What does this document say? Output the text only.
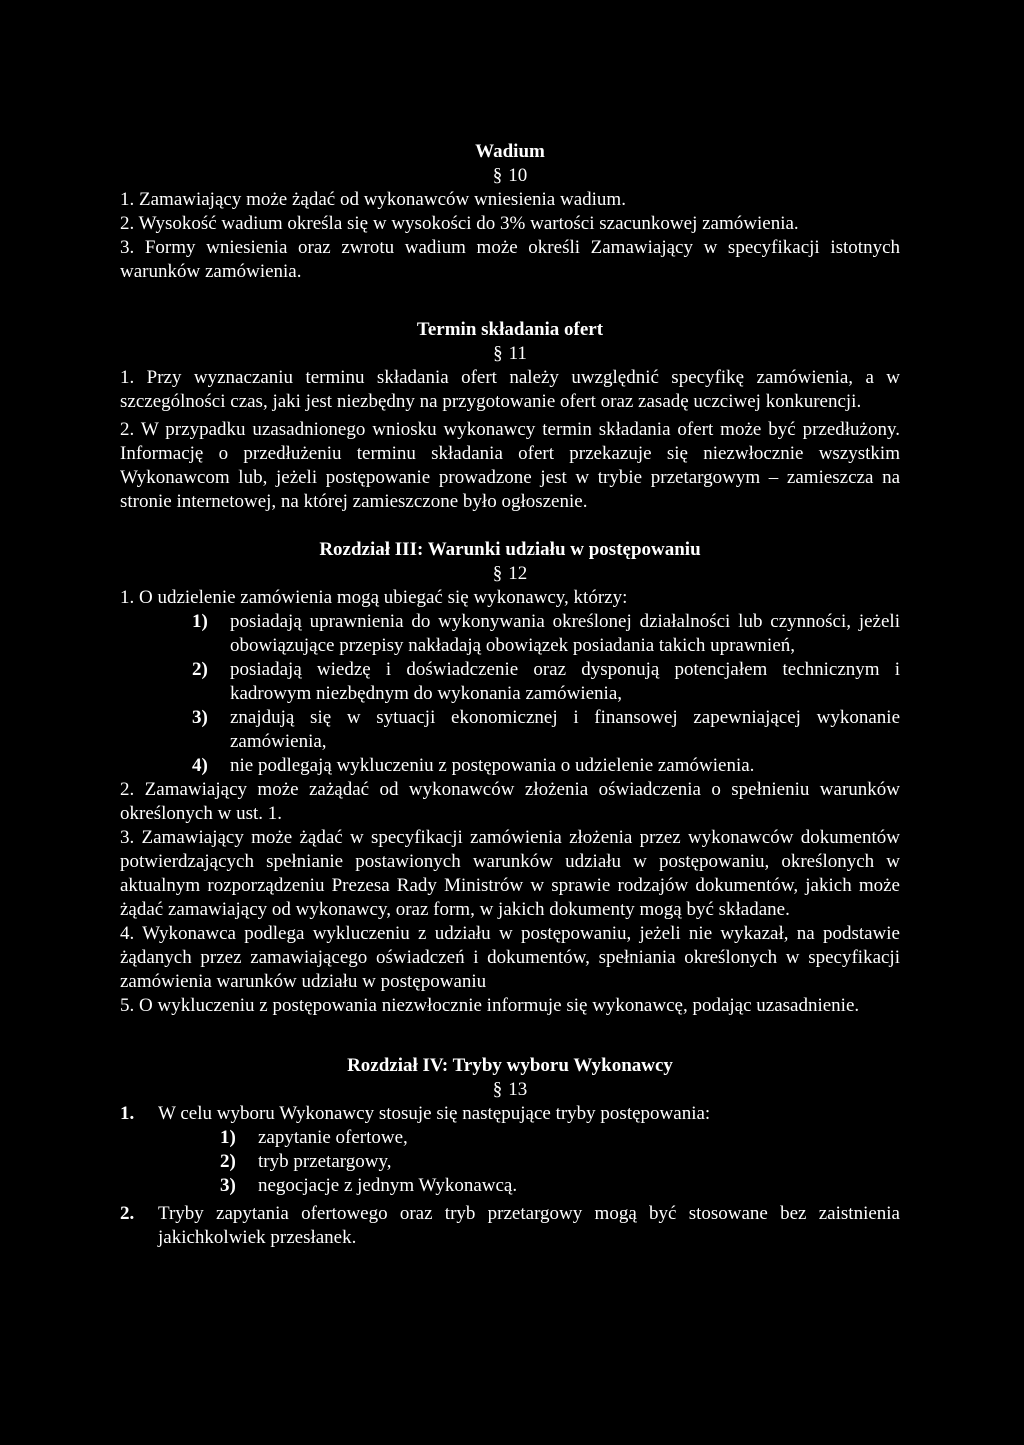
Wadium

§ 10

1. Zamawiający może żądać od wykonawców wniesienia wadium.

2. Wysokość wadium określa się w wysokości do 3% wartości szacunkowej zamówienia.

3. Formy wniesienia oraz zwrotu wadium może określi Zamawiający w specyfikacji istotnych warunków zamówienia.

Termin składania ofert

§ 11

1. Przy wyznaczaniu terminu składania ofert należy uwzględnić specyfikę zamówienia, a w szczególności czas, jaki jest niezbędny na przygotowanie ofert oraz zasadę uczciwej konkurencji.

2. W przypadku uzasadnionego wniosku wykonawcy termin składania ofert może być przedłużony. Informację o przedłużeniu terminu składania ofert przekazuje się niezwłocznie wszystkim Wykonawcom lub, jeżeli postępowanie prowadzone jest w trybie przetargowym – zamieszcza na stronie internetowej, na której zamieszczone było ogłoszenie.

Rozdział III: Warunki udziału w postępowaniu

§ 12

1. O udzielenie zamówienia mogą ubiegać się wykonawcy, którzy:

1)	posiadają uprawnienia do wykonywania określonej działalności lub czynności, jeżeli obowiązujące przepisy nakładają obowiązek posiadania takich uprawnień,
2)	posiadają wiedzę i doświadczenie oraz dysponują potencjałem technicznym i kadrowym niezbędnym do wykonania zamówienia,
3)	znajdują się w sytuacji ekonomicznej i finansowej zapewniającej wykonanie zamówienia,
4)	nie podlegają wykluczeniu z postępowania o udzielenie zamówienia.

2. Zamawiający może zażądać od wykonawców złożenia oświadczenia o spełnieniu warunków określonych w ust. 1.

3. Zamawiający może żądać w specyfikacji zamówienia złożenia przez wykonawców dokumentów potwierdzających spełnianie postawionych warunków udziału w postępowaniu, określonych w aktualnym rozporządzeniu Prezesa Rady Ministrów w sprawie rodzajów dokumentów, jakich może żądać zamawiający od wykonawcy, oraz form, w jakich dokumenty mogą być składane.

4. Wykonawca podlega wykluczeniu z udziału w postępowaniu, jeżeli nie wykazał, na podstawie żądanych przez zamawiającego oświadczeń i dokumentów, spełniania określonych w specyfikacji zamówienia warunków udziału w postępowaniu

5. O wykluczeniu z postępowania niezwłocznie informuje się wykonawcę, podając uzasadnienie.

Rozdział IV: Tryby wyboru Wykonawcy

§ 13

1.	W celu wyboru Wykonawcy stosuje się następujące tryby postępowania:
1)	zapytanie ofertowe,
2)	tryb przetargowy,
3)	negocjacje z jednym Wykonawcą.
2.	Tryby zapytania ofertowego oraz tryb przetargowy mogą być stosowane bez zaistnienia jakichkolwiek przesłanek.
